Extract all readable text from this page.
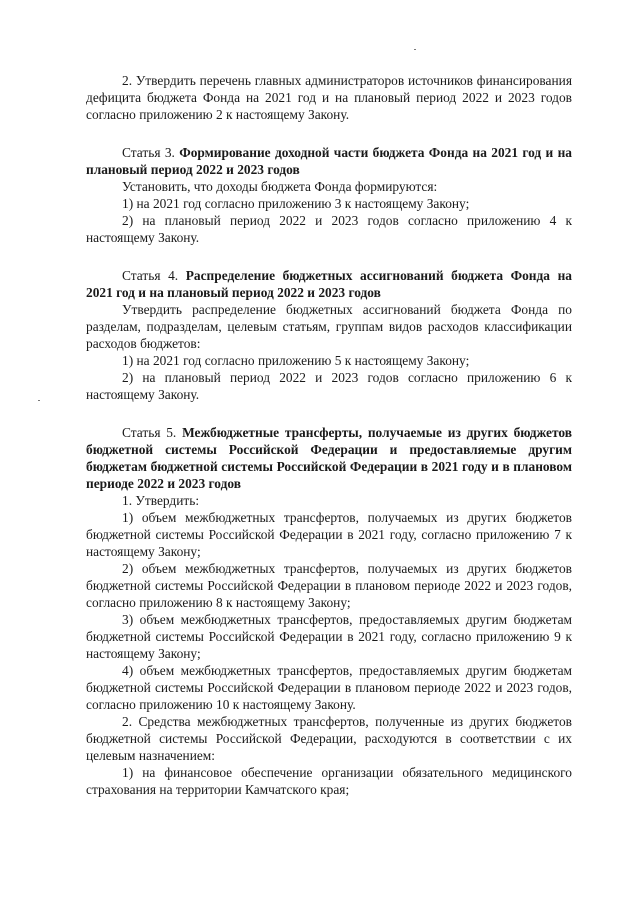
2. Утвердить перечень главных администраторов источников финансирования дефицита бюджета Фонда на 2021 год и на плановый период 2022 и 2023 годов согласно приложению 2 к настоящему Закону.

Статья 3. Формирование доходной части бюджета Фонда на 2021 год и на плановый период 2022 и 2023 годов

Установить, что доходы бюджета Фонда формируются:

1) на 2021 год согласно приложению 3 к настоящему Закону;

2) на плановый период 2022 и 2023 годов согласно приложению 4 к настоящему Закону.

Статья 4. Распределение бюджетных ассигнований бюджета Фонда на 2021 год и на плановый период 2022 и 2023 годов

Утвердить распределение бюджетных ассигнований бюджета Фонда по разделам, подразделам, целевым статьям, группам видов расходов классификации расходов бюджетов:

1) на 2021 год согласно приложению 5 к настоящему Закону;

2) на плановый период 2022 и 2023 годов согласно приложению 6 к настоящему Закону.

Статья 5. Межбюджетные трансферты, получаемые из других бюджетов бюджетной системы Российской Федерации и предоставляемые другим бюджетам бюджетной системы Российской Федерации в 2021 году и в плановом периоде 2022 и 2023 годов

1. Утвердить:

1) объем межбюджетных трансфертов, получаемых из других бюджетов бюджетной системы Российской Федерации в 2021 году, согласно приложению 7 к настоящему Закону;

2) объем межбюджетных трансфертов, получаемых из других бюджетов бюджетной системы Российской Федерации в плановом периоде 2022 и 2023 годов, согласно приложению 8 к настоящему Закону;

3) объем межбюджетных трансфертов, предоставляемых другим бюджетам бюджетной системы Российской Федерации в 2021 году, согласно приложению 9 к настоящему Закону;

4) объем межбюджетных трансфертов, предоставляемых другим бюджетам бюджетной системы Российской Федерации в плановом периоде 2022 и 2023 годов, согласно приложению 10 к настоящему Закону.

2. Средства межбюджетных трансфертов, полученные из других бюджетов бюджетной системы Российской Федерации, расходуются в соответствии с их целевым назначением:

1) на финансовое обеспечение организации обязательного медицинского страхования на территории Камчатского края;
